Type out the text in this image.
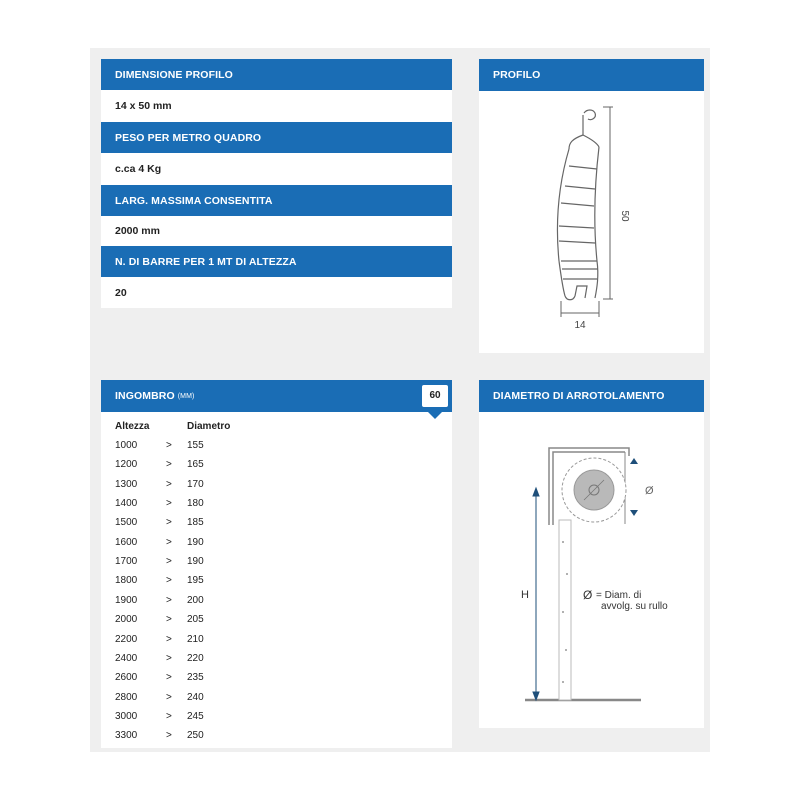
DIMENSIONE PROFILO
14 x 50 mm
PESO PER METRO QUADRO
c.ca 4 Kg
LARG. MASSIMA CONSENTITA
2000 mm
N. DI BARRE PER 1 MT DI ALTEZZA
20
PROFILO
50
14
INGOMBRO (MM)	60
Altezza	Diametro
1000	> 155
1200	> 165
1300	> 170
1400	> 180
1500	> 185
1600	> 190
1700	> 190
1800	> 195
1900	> 200
2000	> 205
2200	> 210
2400	> 220
2600	> 235
2800	> 240
3000	> 245
3300	> 250
DIAMETRO DI ARROTOLAMENTO
Ø
H	Ø = Diam. di
avvolg. su rullo
